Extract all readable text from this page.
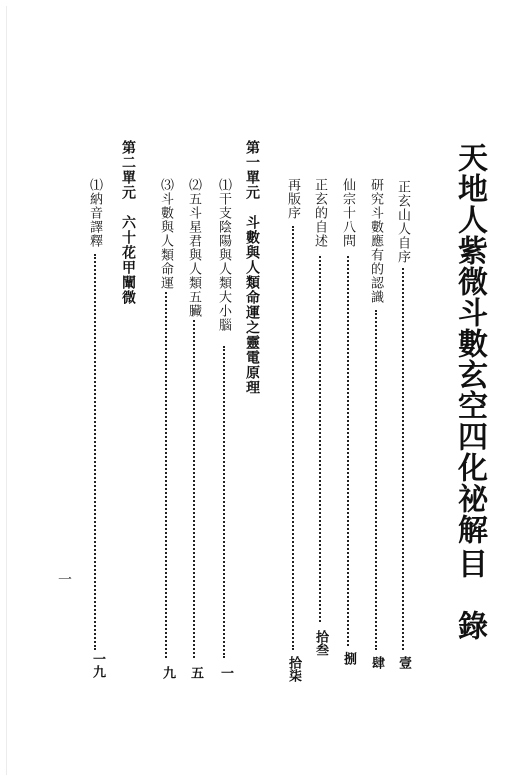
天地人紫微斗數玄空四化祕解
目　錄
正玄山人自序
壹
研究斗數應有的認識
肆
仙宗十八問
捌
正玄的自述
拾叁
再版序
拾柒
第一單元　斗數與人類命運之靈電原理
⑴干支陰陽與人類大小腦
一
⑵五斗星君與人類五臟
五
⑶斗數與人類命運
九
第二單元　六十花甲闡微
⑴納音譯釋
一九
一
